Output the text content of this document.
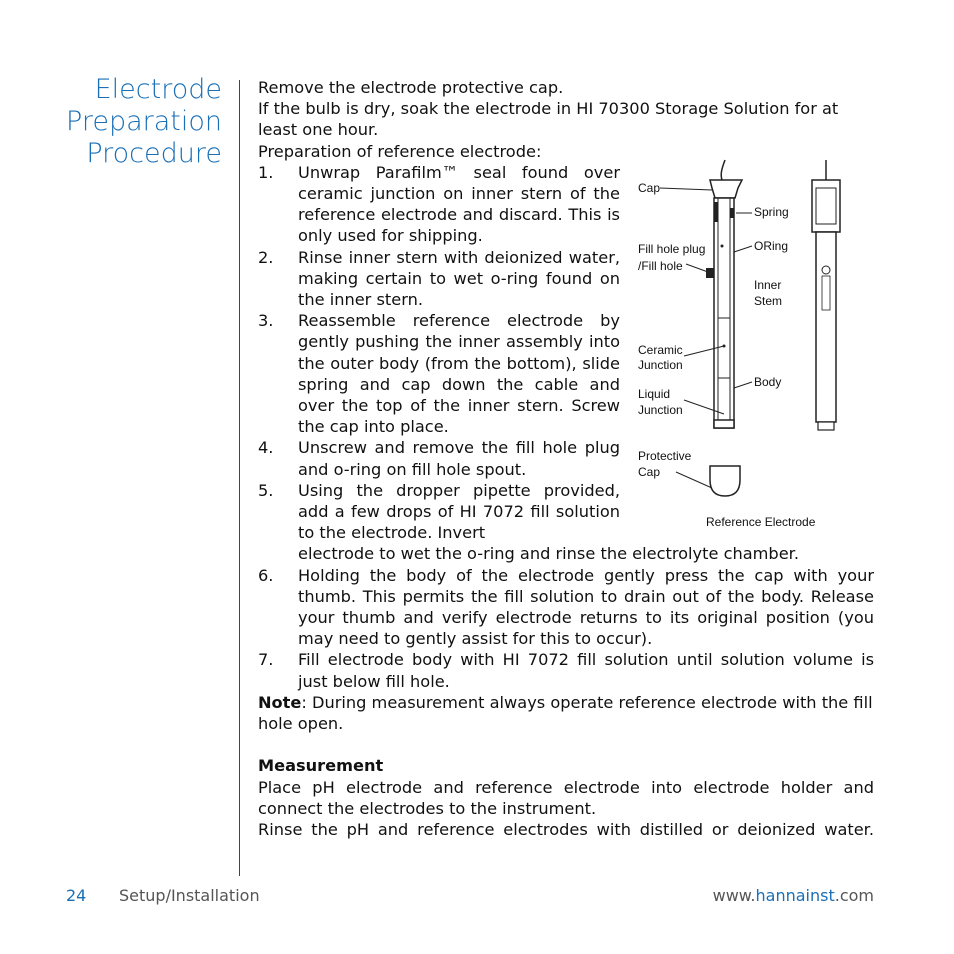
Electrode
Preparation
Procedure

Remove the electrode protective cap.

If the bulb is dry, soak the electrode in HI 70300 Storage Solution for at least one hour.

Preparation of reference electrode:

1. Unwrap Parafilm™ seal found over ceramic junction on inner stern of the reference electrode and discard. This is only used for shipping.
2. Rinse inner stern with deionized water, making certain to wet o-ring found on the inner stern.
3. Reassemble reference electrode by gently pushing the inner assembly into the outer body (from the bottom), slide spring and cap down the cable and over the top of the inner stern. Screw the cap into place.
4. Unscrew and remove the fill hole plug and o-ring on fill hole spout.
5. Using the dropper pipette provided, add a few drops of HI 7072 fill solution to the electrode. Invert
electrode to wet the o-ring and rinse the electrolyte chamber.
6. Holding the body of the electrode gently press the cap with your thumb. This permits the fill solution to drain out of the body. Release your thumb and verify electrode returns to its original position (you may need to gently assist for this to occur).
7. Fill electrode body with HI 7072 fill solution until solution volume is just below fill hole.

Note: During measurement always operate reference electrode with the fill hole open.

Measurement

Place pH electrode and reference electrode into electrode holder and connect the electrodes to the instrument.

Rinse the pH and reference electrodes with distilled or deionized water.

Cap
Spring
Fill hole plug
/Fill hole
ORing
Inner
Stem
Ceramic
Junction
Body
Liquid
Junction
Protective
Cap
Reference Electrode
24 Setup/Installation	www.hannainst.com
